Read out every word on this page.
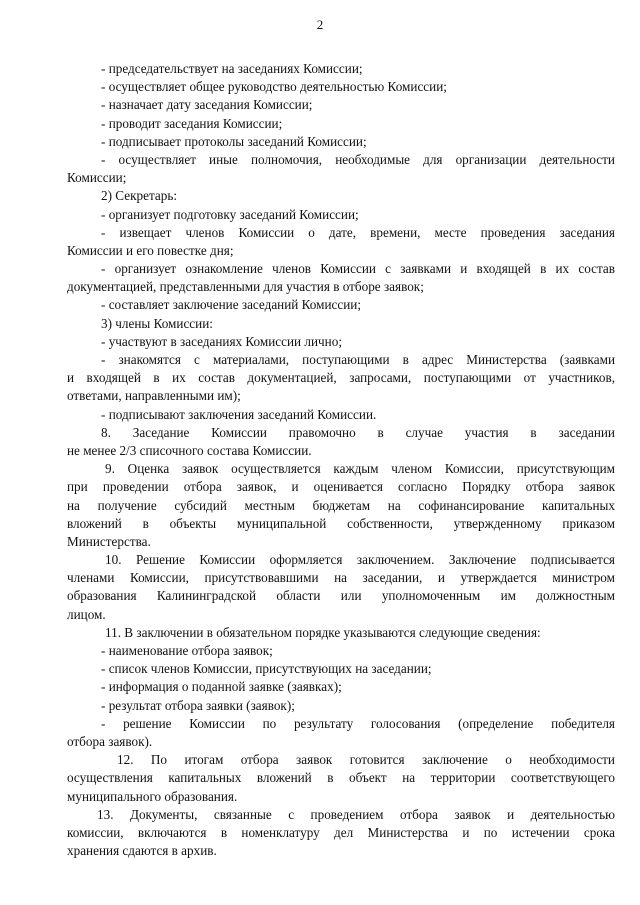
2
- председательствует на заседаниях Комиссии;
- осуществляет общее руководство деятельностью Комиссии;
- назначает дату заседания Комиссии;
- проводит заседания Комиссии;
- подписывает протоколы заседаний Комиссии;
- осуществляет иные полномочия, необходимые для организации деятельности
Комиссии;
2) Секретарь:
- организует подготовку заседаний Комиссии;
- извещает членов Комиссии о дате, времени, месте проведения заседания
Комиссии и его повестке дня;
- организует ознакомление членов Комиссии с заявками и входящей в их состав
документацией, представленными для участия в отборе заявок;
- составляет заключение заседаний Комиссии;
3) члены Комиссии:
- участвуют в заседаниях Комиссии лично;
- знакомятся с материалами, поступающими в адрес Министерства (заявками
и входящей в их состав документацией, запросами, поступающими от участников,
ответами, направленными им);
- подписывают заключения заседаний Комиссии.
8. Заседание Комиссии правомочно в случае участия в заседании
не менее 2/3 списочного состава Комиссии.
9. Оценка заявок осуществляется каждым членом Комиссии, присутствующим
при проведении отбора заявок, и оценивается согласно Порядку отбора заявок
на получение субсидий местным бюджетам на софинансирование капитальных
вложений в объекты муниципальной собственности, утвержденному приказом
Министерства.
10. Решение Комиссии оформляется заключением. Заключение подписывается
членами Комиссии, присутствовавшими на заседании, и утверждается министром
образования Калининградской области или уполномоченным им должностным
лицом.
11. В заключении в обязательном порядке указываются следующие сведения:
- наименование отбора заявок;
- список членов Комиссии, присутствующих на заседании;
- информация о поданной заявке (заявках);
- результат отбора заявки (заявок);
- решение Комиссии по результату голосования (определение победителя
отбора заявок).
12. По итогам отбора заявок готовится заключение о необходимости
осуществления капитальных вложений в объект на территории соответствующего
муниципального образования.
13. Документы, связанные с проведением отбора заявок и деятельностью
комиссии, включаются в номенклатуру дел Министерства и по истечении срока
хранения сдаются в архив.
